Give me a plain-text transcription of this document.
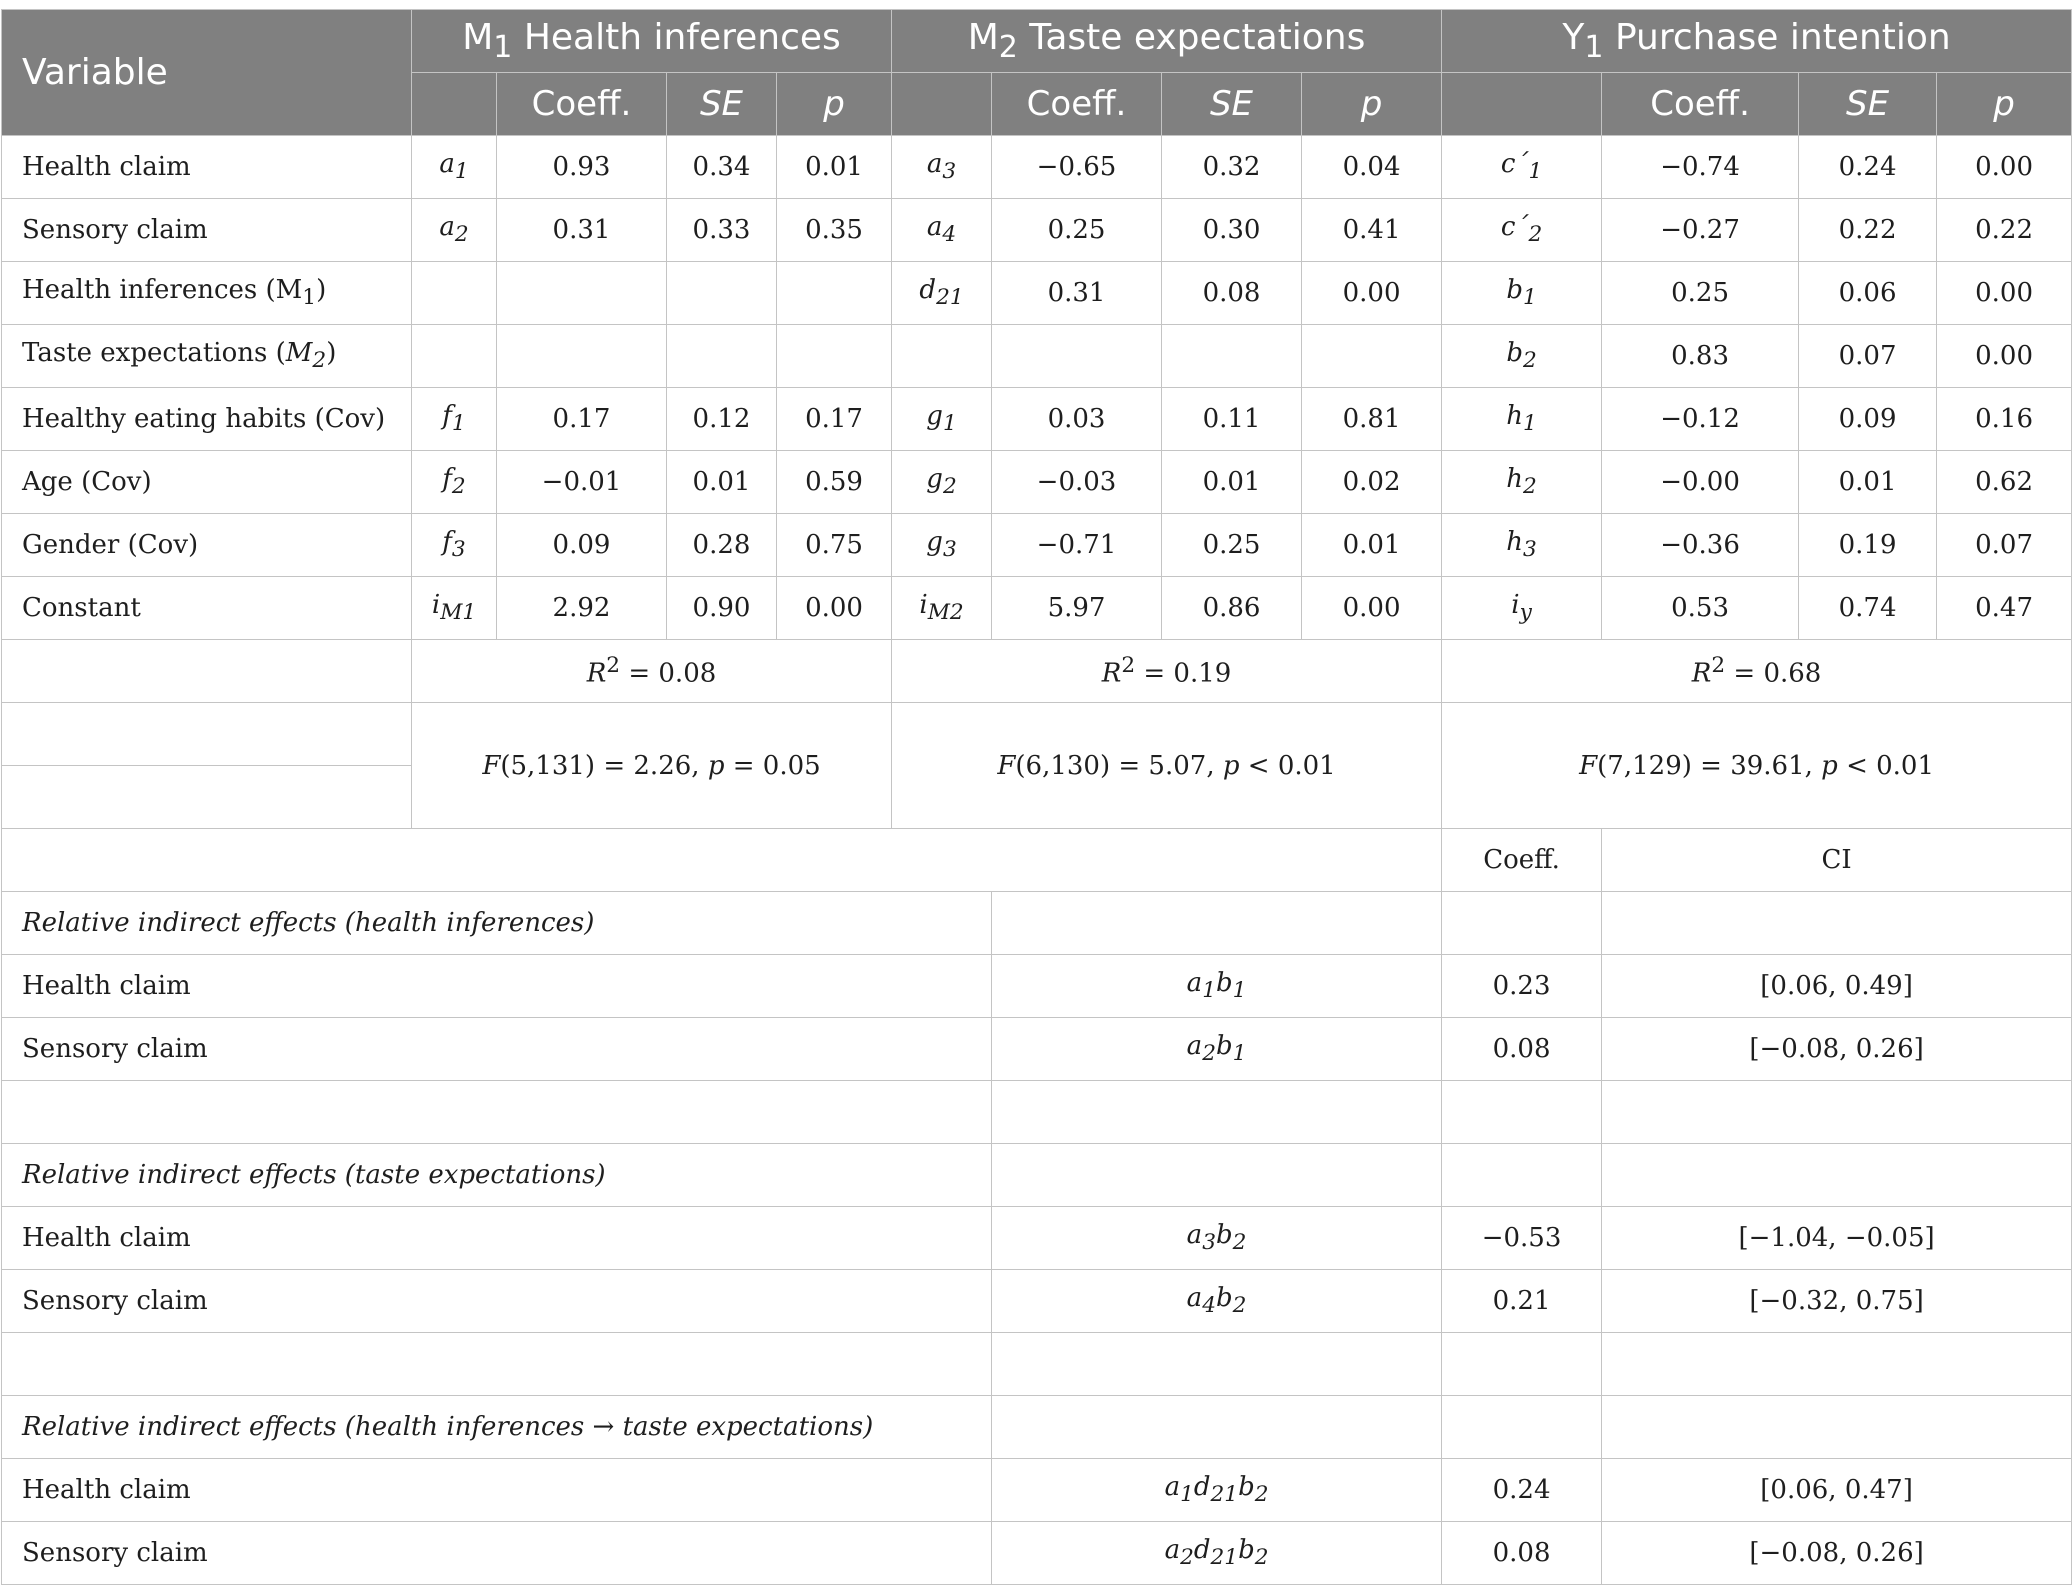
Variable	$M_1$ Health inferences				$M_2$ Taste expectations				$Y_1$ Purchase intention			
		Coeff.	SE	p		Coeff.	SE	p		Coeff.	SE	p
Health claim	$a_1$	0.93	0.34	0.01	$a_3$	−0.65	0.32	0.04	$c´_1$	−0.74	0.24	0.00
Sensory claim	$a_2$	0.31	0.33	0.35	$a_4$	0.25	0.30	0.41	$c´_2$	−0.27	0.22	0.22
Health inferences $(M_1)$					$d_{21}$	0.31	0.08	0.00	$b_1$	0.25	0.06	0.00
Taste expectations $(M_2)$									$b_2$	0.83	0.07	0.00
Healthy eating habits (Cov)	$f_1$	0.17	0.12	0.17	$g_1$	0.03	0.11	0.81	$h_1$	−0.12	0.09	0.16
Age (Cov)	$f_2$	−0.01	0.01	0.59	$g_2$	−0.03	0.01	0.02	$h_2$	−0.00	0.01	0.62
Gender (Cov)	$f_3$	0.09	0.28	0.75	$g_3$	−0.71	0.25	0.01	$h_3$	−0.36	0.19	0.07
Constant	$i_{M1}$	2.92	0.90	0.00	$i_{M2}$	5.97	0.86	0.00	$i_y$	0.53	0.74	0.47
	$R^2 = 0.08$				$R^2 = 0.19$				$R^2 = 0.68$			
	F(5,131) = 2.26, p = 0.05				F(6,130) = 5.07, p < 0.01				F(7,129) = 39.61, p < 0.01			

									Coeff.	CI		
Relative indirect effects (health inferences)												
Health claim						$a_1b_1$			0.23	[0.06, 0.49]		
Sensory claim						$a_2b_1$			0.08	[−0.08, 0.26]		

Relative indirect effects (taste expectations)												
Health claim						$a_3b_2$			−0.53	[−1.04, −0.05]		
Sensory claim						$a_4b_2$			0.21	[−0.32, 0.75]		

Relative indirect effects (health inferences → taste expectations)												
Health claim						$a_1d_{21}b_2$			0.24	[0.06, 0.47]		
Sensory claim						$a_2d_{21}b_2$			0.08	[−0.08, 0.26]		
